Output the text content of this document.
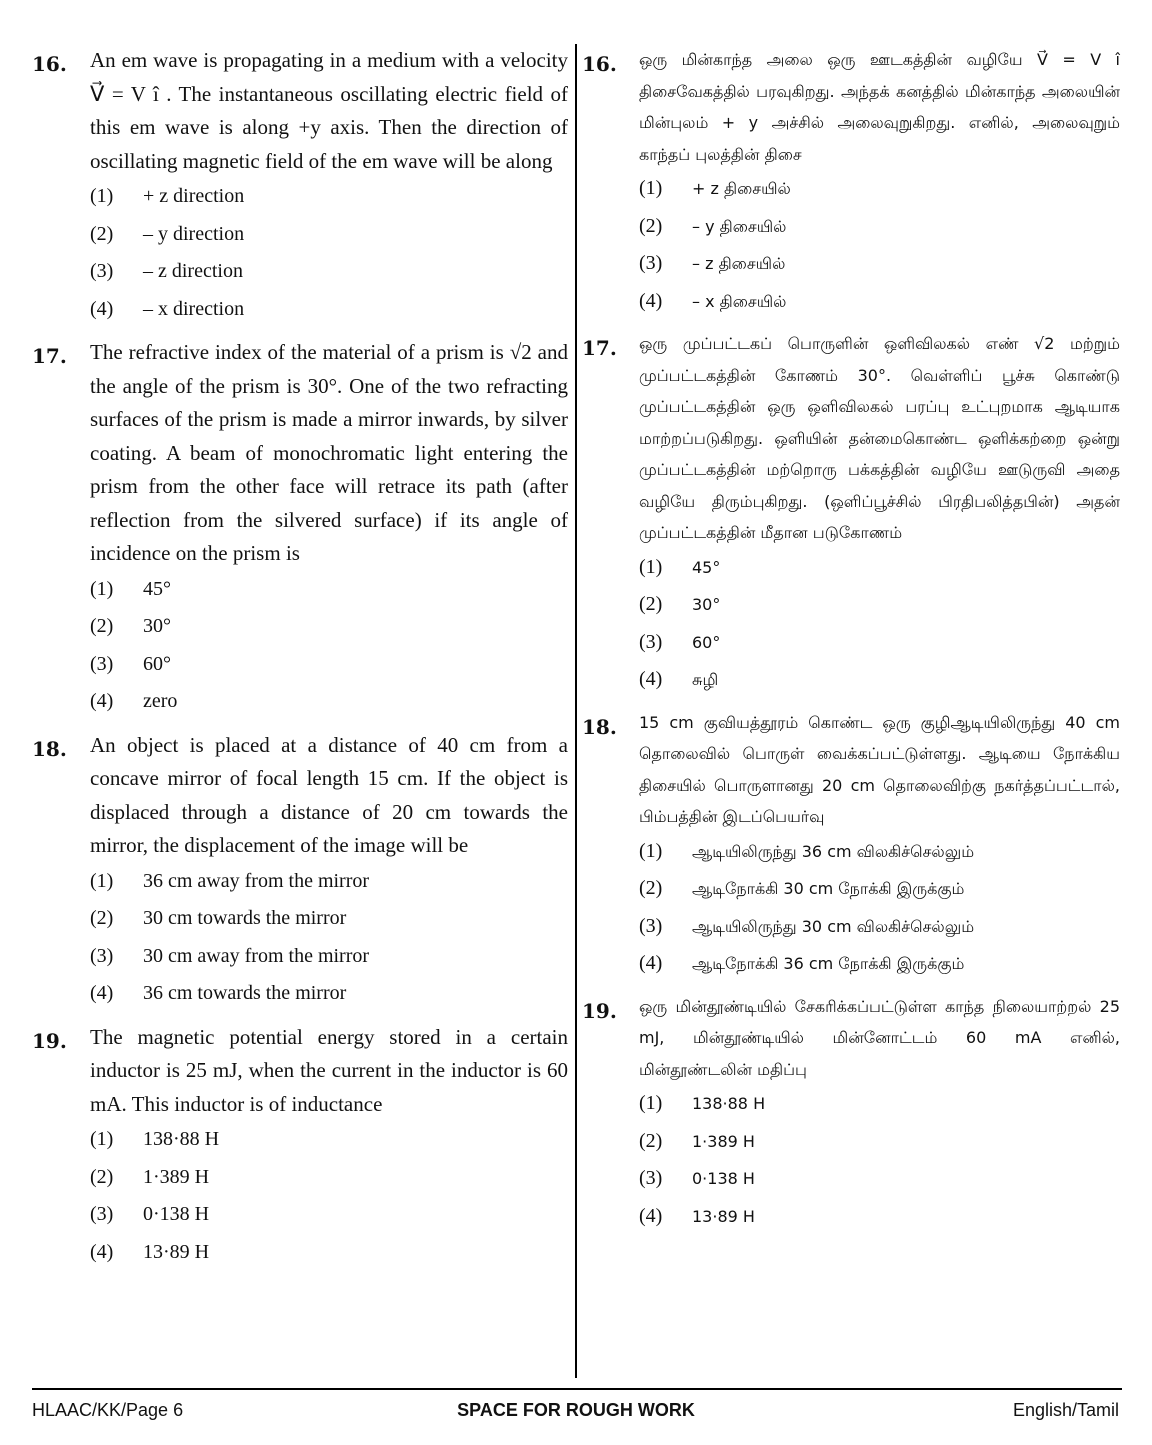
16. An em wave is propagating in a medium with a velocity V⃗ = V î . The instantaneous oscillating electric field of this em wave is along +y axis. Then the direction of oscillating magnetic field of the em wave will be along
(1)	+ z direction
(2)	– y direction
(3)	– z direction
(4)	– x direction
17. The refractive index of the material of a prism is √2 and the angle of the prism is 30°. One of the two refracting surfaces of the prism is made a mirror inwards, by silver coating. A beam of monochromatic light entering the prism from the other face will retrace its path (after reflection from the silvered surface) if its angle of incidence on the prism is
(1)	45°
(2)	30°
(3)	60°
(4)	zero
18. An object is placed at a distance of 40 cm from a concave mirror of focal length 15 cm. If the object is displaced through a distance of 20 cm towards the mirror, the displacement of the image will be
(1)	36 cm away from the mirror
(2)	30 cm towards the mirror
(3)	30 cm away from the mirror
(4)	36 cm towards the mirror
19. The magnetic potential energy stored in a certain inductor is 25 mJ, when the current in the inductor is 60 mA. This inductor is of inductance
(1)	138·88 H
(2)	1·389 H
(3)	0·138 H
(4)	13·89 H
16. ஒரு மின்காந்த அலை ஒரு ஊடகத்தின் வழியே V⃗ = V î திசைவேகத்தில் பரவுகிறது. அந்தக் கனத்தில் மின்காந்த அலையின் மின்புலம் + y அச்சில் அலைவுறுகிறது. எனில், அலைவுறும் காந்தப் புலத்தின் திசை
(1)	+ z திசையில்
(2)	– y திசையில்
(3)	– z திசையில்
(4)	– x திசையில்
17. ஒரு முப்பட்டகப் பொருளின் ஒளிவிலகல் எண் √2 மற்றும் முப்பட்டகத்தின் கோணம் 30°. வெள்ளிப் பூச்சு கொண்டு முப்பட்டகத்தின் ஒரு ஒளிவிலகல் பரப்பு உட்புறமாக ஆடியாக மாற்றப்படுகிறது. ஒளியின் தன்மைகொண்ட ஒளிக்கற்றை ஒன்று முப்பட்டகத்தின் மற்றொரு பக்கத்தின் வழியே ஊடுருவி அதை வழியே திரும்புகிறது. (ஒளிப்பூச்சில் பிரதிபலித்தபின்) அதன் முப்பட்டகத்தின் மீதான படுகோணம்
(1)	45°
(2)	30°
(3)	60°
(4)	சுழி
18. 15 cm குவியத்தூரம் கொண்ட ஒரு குழிஆடியிலிருந்து 40 cm தொலைவில் பொருள் வைக்கப்பட்டுள்ளது. ஆடியை நோக்கிய திசையில் பொருளானது 20 cm தொலைவிற்கு நகர்த்தப்பட்டால், பிம்பத்தின் இடப்பெயர்வு
(1)	ஆடியிலிருந்து 36 cm விலகிச்செல்லும்
(2)	ஆடிநோக்கி 30 cm நோக்கி இருக்கும்
(3)	ஆடியிலிருந்து 30 cm விலகிச்செல்லும்
(4)	ஆடிநோக்கி 36 cm நோக்கி இருக்கும்
19. ஒரு மின்தூண்டியில் சேகரிக்கப்பட்டுள்ள காந்த நிலையாற்றல் 25 mJ, மின்தூண்டியில் மின்னோட்டம் 60 mA எனில், மின்தூண்டலின் மதிப்பு
(1)	138·88 H
(2)	1·389 H
(3)	0·138 H
(4)	13·89 H
HLAAC/KK/Page 6	SPACE FOR ROUGH WORK	English/Tamil
